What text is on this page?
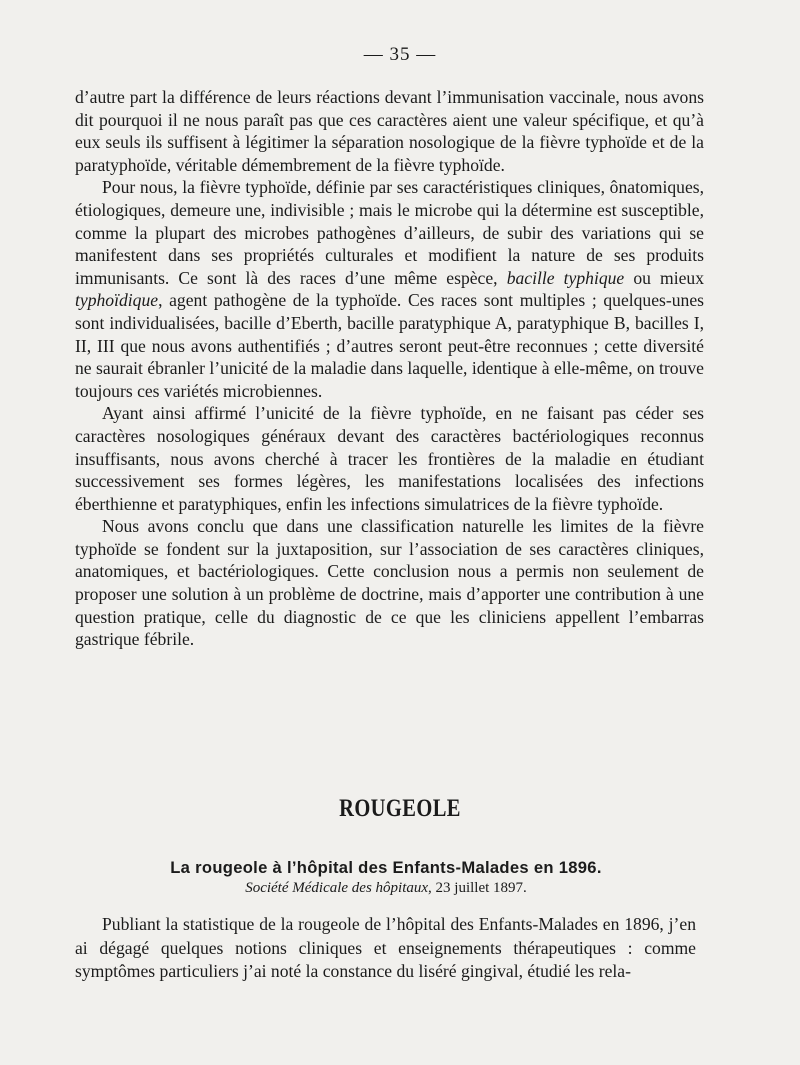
— 35 —

d’autre part la différence de leurs réactions devant l’immunisation vaccinale, nous avons dit pourquoi il ne nous paraît pas que ces caractères aient une valeur spécifique, et qu’à eux seuls ils suffisent à légitimer la séparation nosologique de la fièvre typhoïde et de la paratyphoïde, véritable démembrement de la fièvre typhoïde.

Pour nous, la fièvre typhoïde, définie par ses caractéristiques cliniques, ônatomiques, étiologiques, demeure une, indivisible ; mais le microbe qui la détermine est susceptible, comme la plupart des microbes pathogènes d’ailleurs, de subir des variations qui se manifestent dans ses propriétés culturales et modifient la nature de ses produits immunisants. Ce sont là des races d’une même espèce, bacille typhique ou mieux typhoïdique, agent pathogène de la typhoïde. Ces races sont multiples ; quelques-unes sont individualisées, bacille d’Eberth, bacille paratyphique A, paratyphique B, bacilles I, II, III que nous avons authentifiés ; d’autres seront peut-être reconnues ; cette diversité ne saurait ébranler l’unicité de la maladie dans laquelle, identique à elle-même, on trouve toujours ces variétés microbiennes.

Ayant ainsi affirmé l’unicité de la fièvre typhoïde, en ne faisant pas céder ses caractères nosologiques généraux devant des caractères bactériologiques reconnus insuffisants, nous avons cherché à tracer les frontières de la maladie en étudiant successivement ses formes légères, les manifestations localisées des infections éberthienne et paratyphiques, enfin les infections simulatrices de la fièvre typhoïde.

Nous avons conclu que dans une classification naturelle les limites de la fièvre typhoïde se fondent sur la juxtaposition, sur l’association de ses caractères cliniques, anatomiques, et bactériologiques. Cette conclusion nous a permis non seulement de proposer une solution à un problème de doctrine, mais d’apporter une contribution à une question pratique, celle du diagnostic de ce que les cliniciens appellent l’embarras gastrique fébrile.

ROUGEOLE
La rougeole à l’hôpital des Enfants-Malades en 1896.
Société Médicale des hôpitaux, 23 juillet 1897.

Publiant la statistique de la rougeole de l’hôpital des Enfants-Malades en 1896, j’en ai dégagé quelques notions cliniques et enseignements thérapeutiques : comme symptômes particuliers j’ai noté la constance du liséré gingival, étudié les rela-
